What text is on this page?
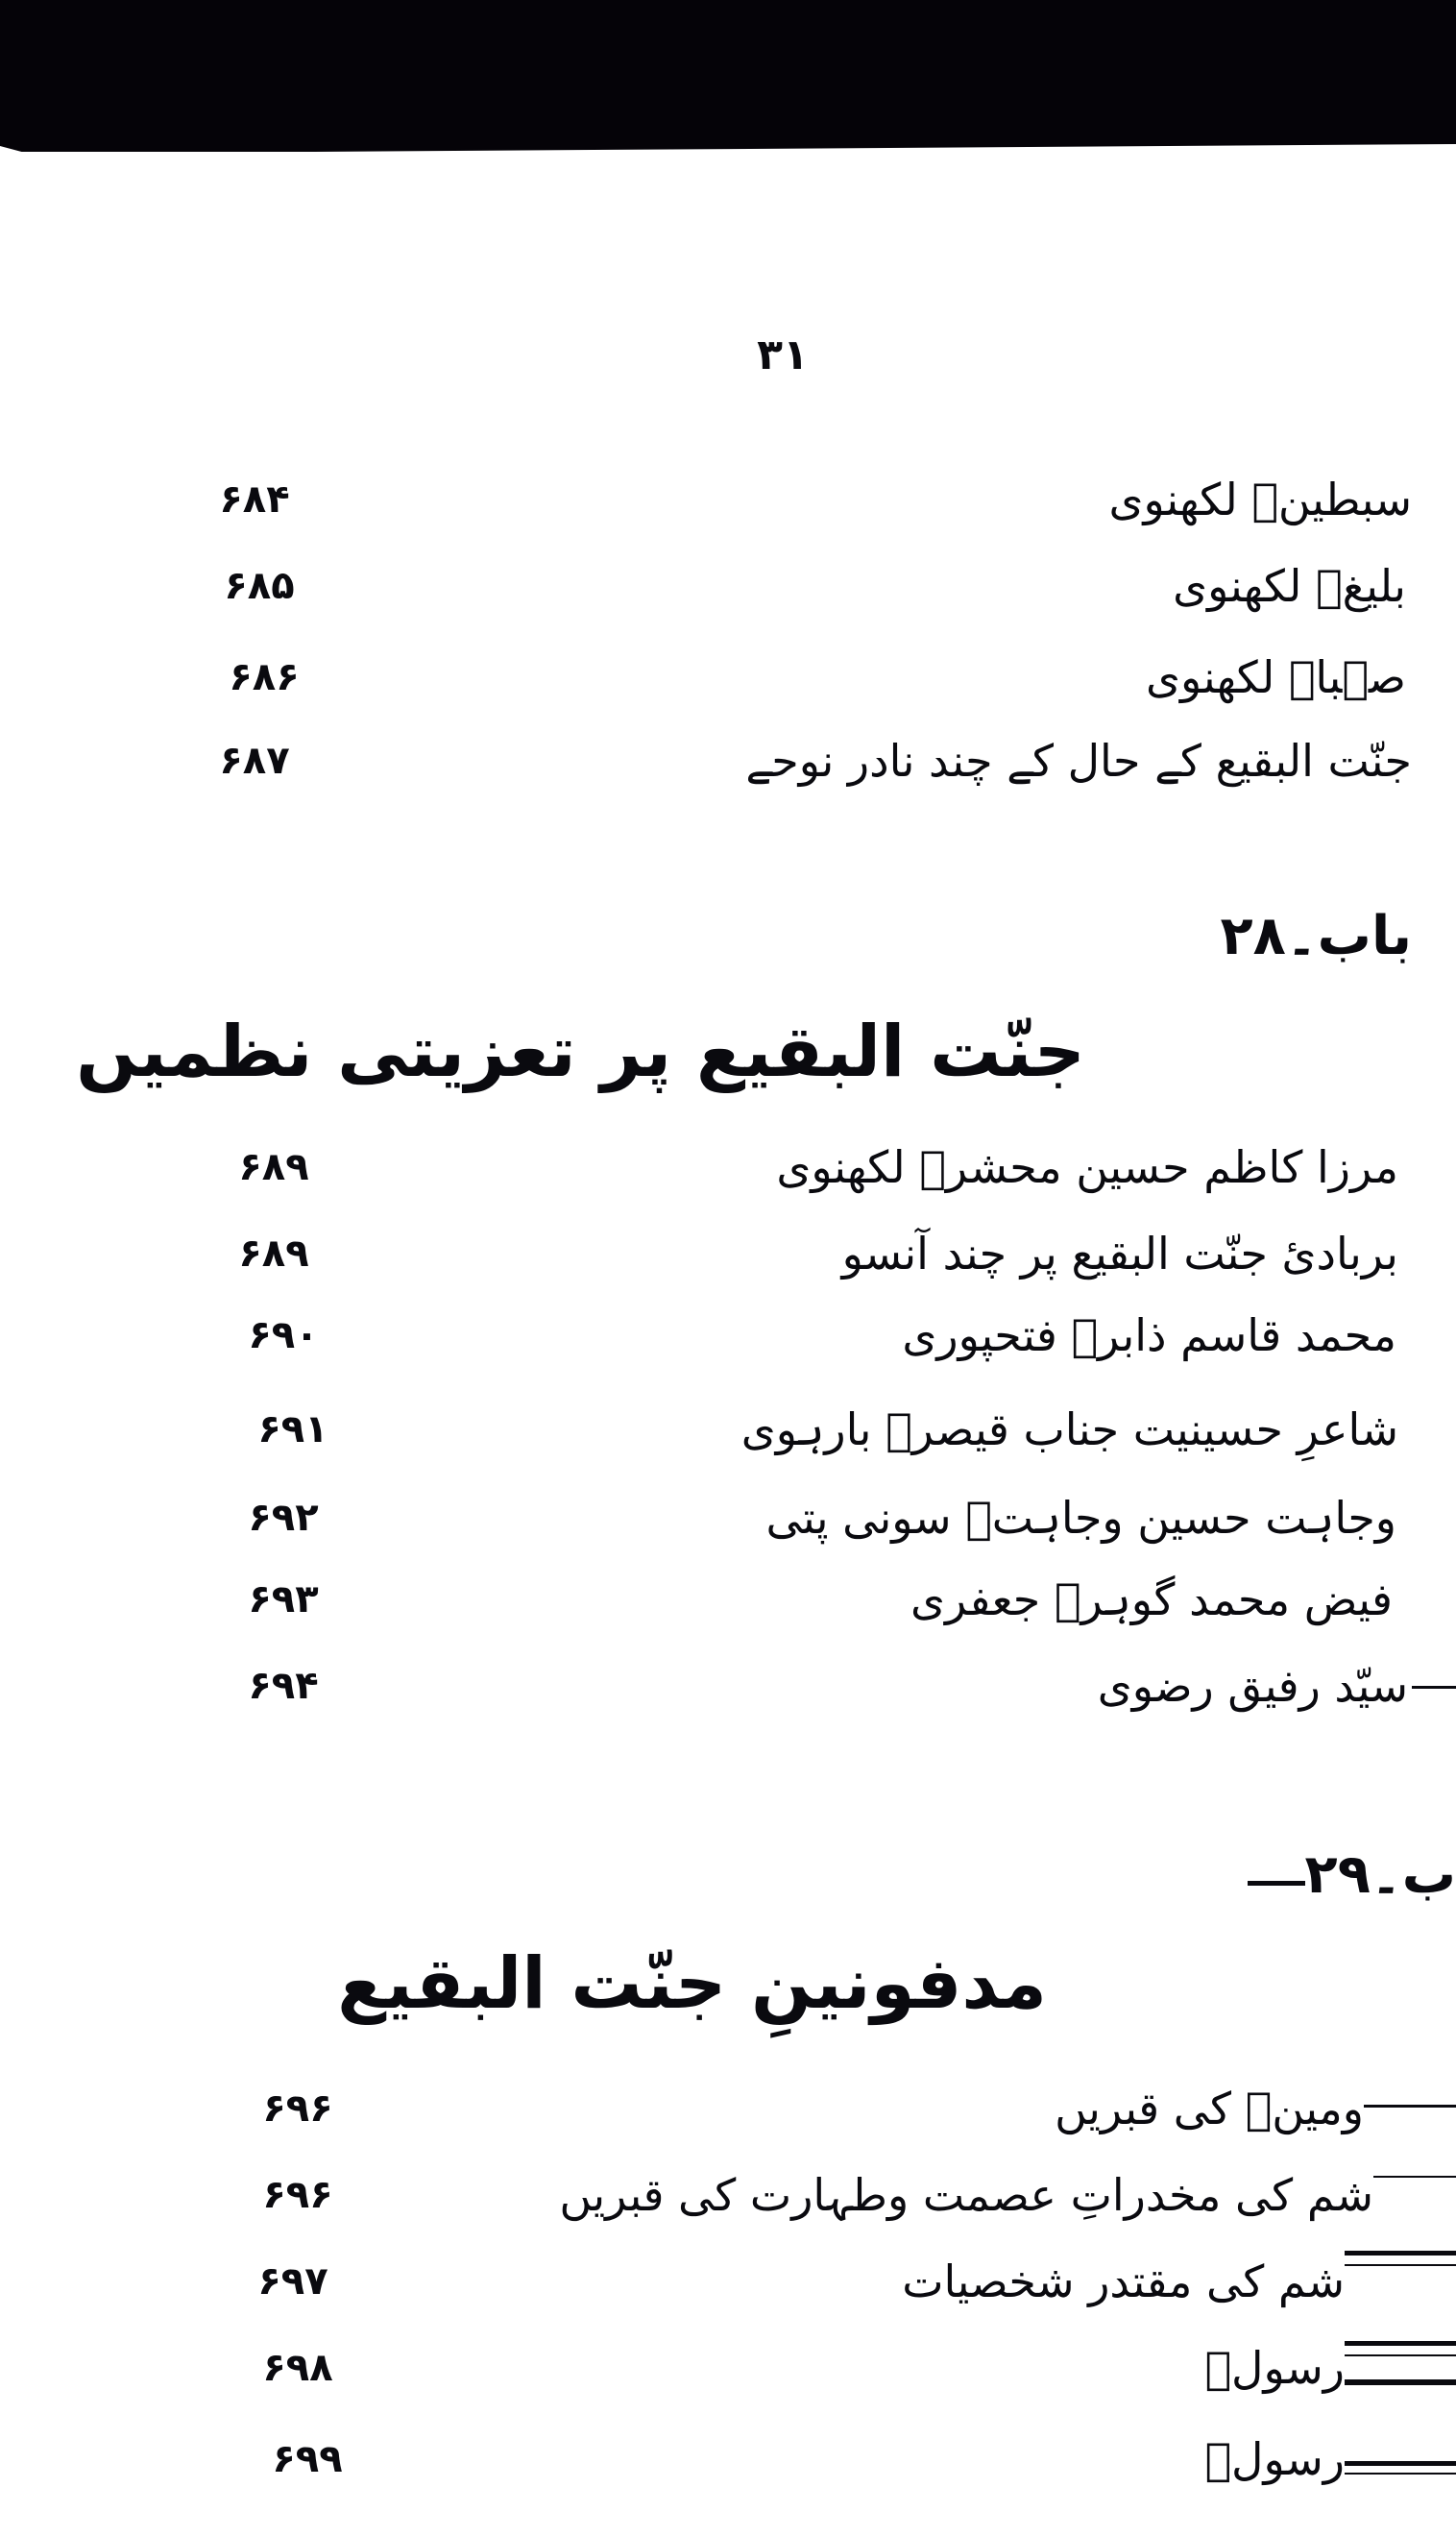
۳۱
سبطینؔ لکھنوی
۶۸۴
بلیغؔ لکھنوی
۶۸۵
صہباؔ لکھنوی
۶۸۶
جنّت البقیع کے حال کے چند نادر نوحے
۶۸۷
باب۔۲۸
جنّت البقیع پر تعزیتی نظمیں
مرزا کاظم حسین محشرؔ لکھنوی
۶۸۹
بربادئ جنّت البقیع پر چند آنسو
۶۸۹
محمد قاسم ذابرؔ فتحپوری
۶۹۰
شاعرِ حسینیت جناب قیصرؔ بارہوی
۶۹۱
وجاہت حسین وجاہتؔ سونی پتی
۶۹۲
فیض محمد گوہرؔ جعفری
۶۹۳
سیّد رفیق رضوی
۶۹۴
ب۔۲۹
مدفونینِ جنّت البقیع
ومینؑ کی قبریں
۶۹۶
شم کی مخدراتِ عصمت وطہارت کی قبریں
۶۹۶
شم کی مقتدر شخصیات
۶۹۷
رسولؐ
۶۹۸
رسولؐ
۶۹۹
